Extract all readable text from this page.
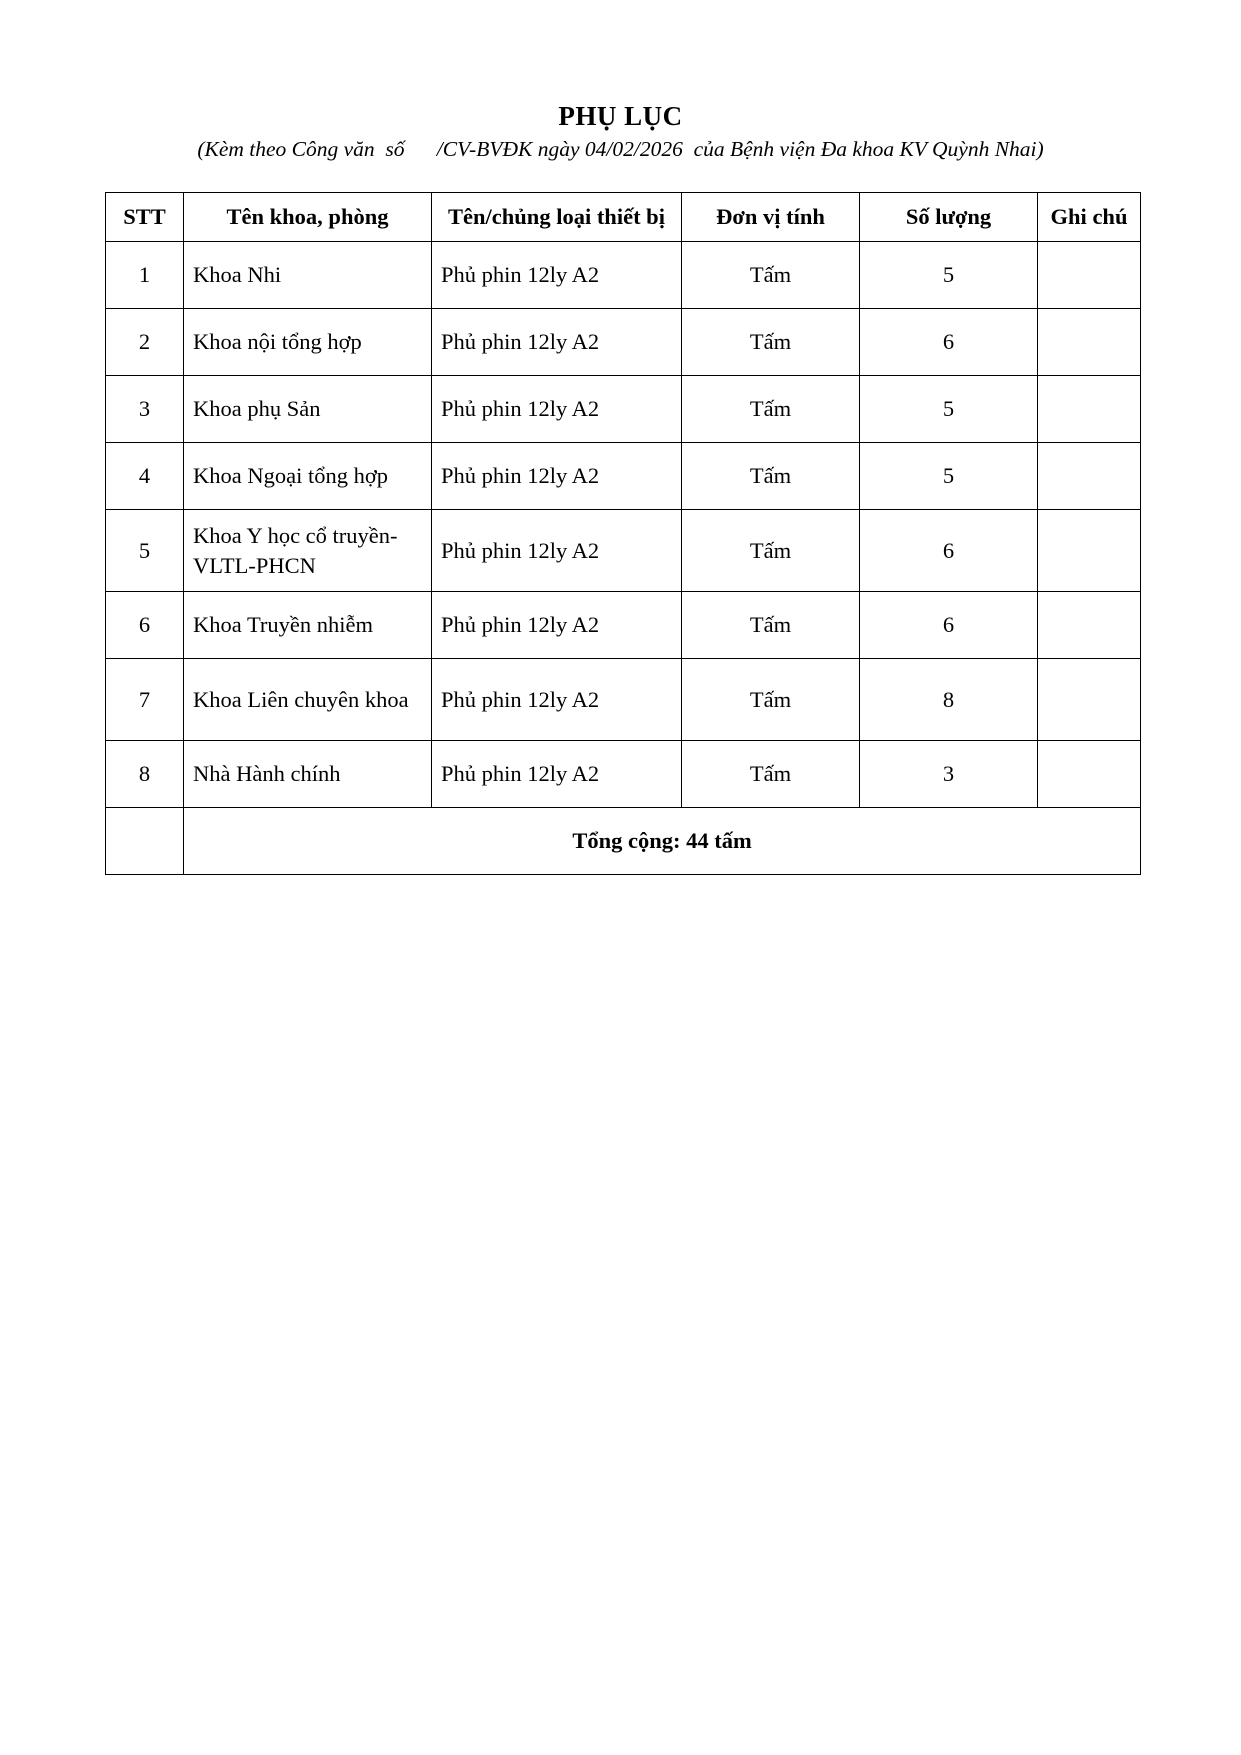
PHỤ LỤC
(Kèm theo Công văn  số      /CV-BVĐK ngày 04/02/2026  của Bệnh viện Đa khoa KV Quỳnh Nhai)
STT	Tên khoa, phòng	Tên/chủng loại thiết bị	Đơn vị tính	Số lượng	Ghi chú
1	Khoa Nhi	Phủ phin 12ly A2	Tấm	5	
2	Khoa nội tổng hợp	Phủ phin 12ly A2	Tấm	6	
3	Khoa phụ Sản	Phủ phin 12ly A2	Tấm	5	
4	Khoa Ngoại tổng hợp	Phủ phin 12ly A2	Tấm	5	
5	Khoa Y học cổ truyền-VLTL-PHCN	Phủ phin 12ly A2	Tấm	6	
6	Khoa Truyền nhiễm	Phủ phin 12ly A2	Tấm	6	
7	Khoa Liên chuyên khoa	Phủ phin 12ly A2	Tấm	8	
8	Nhà Hành chính	Phủ phin 12ly A2	Tấm	3	
	Tổng cộng: 44 tấm				
